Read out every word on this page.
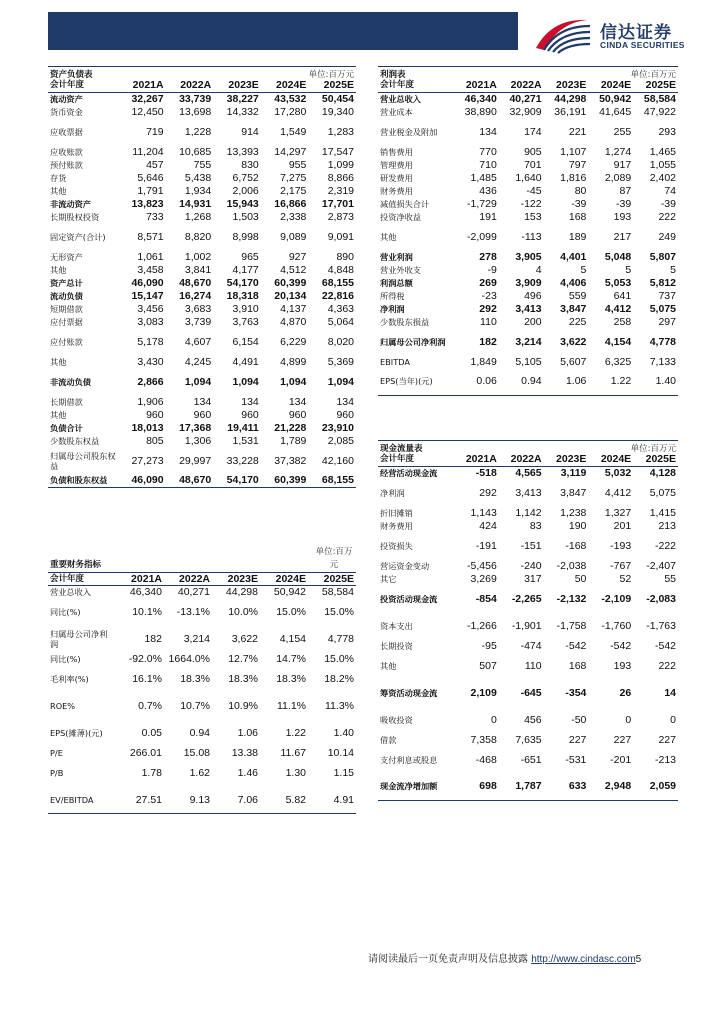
信达证券
CINDA SECURITIES
资产负债表	单位:百万元
会计年度	2021A	2022A	2023E	2024E	2025E
流动资产	32,267	33,739	38,227	43,532	50,454
货币资金	12,450	13,698	14,332	17,280	19,340
应收票据	719	1,228	914	1,549	1,283
应收账款	11,204	10,685	13,393	14,297	17,547
预付账款	457	755	830	955	1,099
存货	5,646	5,438	6,752	7,275	8,866
其他	1,791	1,934	2,006	2,175	2,319
非流动资产	13,823	14,931	15,943	16,866	17,701
长期股权投资	733	1,268	1,503	2,338	2,873
固定资产(合计)	8,571	8,820	8,998	9,089	9,091
无形资产	1,061	1,002	965	927	890
其他	3,458	3,841	4,177	4,512	4,848
资产总计	46,090	48,670	54,170	60,399	68,155
流动负债	15,147	16,274	18,318	20,134	22,816
短期借款	3,456	3,683	3,910	4,137	4,363
应付票据	3,083	3,739	3,763	4,870	5,064
应付账款	5,178	4,607	6,154	6,229	8,020
其他	3,430	4,245	4,491	4,899	5,369
非流动负债	2,866	1,094	1,094	1,094	1,094
长期借款	1,906	134	134	134	134
其他	960	960	960	960	960
负债合计	18,013	17,368	19,411	21,228	23,910
少数股东权益	805	1,306	1,531	1,789	2,085
归属母公司股东权益	27,273	29,997	33,228	37,382	42,160
负债和股东权益	46,090	48,670	54,170	60,399	68,155
重要财务指标
单位:百万元
会计年度	2021A	2022A	2023E	2024E	2025E
营业总收入	46,340	40,271	44,298	50,942	58,584
同比(%)	10.1%	-13.1%	10.0%	15.0%	15.0%
归属母公司净利润	182	3,214	3,622	4,154	4,778
同比(%)	-92.0%	1664.0%	12.7%	14.7%	15.0%
毛利率(%)	16.1%	18.3%	18.3%	18.3%	18.2%
ROE%	0.7%	10.7%	10.9%	11.1%	11.3%
EPS(摊薄)(元)	0.05	0.94	1.06	1.22	1.40
P/E	266.01	15.08	13.38	11.67	10.14
P/B	1.78	1.62	1.46	1.30	1.15
EV/EBITDA	27.51	9.13	7.06	5.82	4.91
利润表	单位:百万元
会计年度	2021A	2022A	2023E	2024E	2025E
营业总收入	46,340	40,271	44,298	50,942	58,584
营业成本	38,890	32,909	36,191	41,645	47,922
营业税金及附加	134	174	221	255	293
销售费用	770	905	1,107	1,274	1,465
管理费用	710	701	797	917	1,055
研发费用	1,485	1,640	1,816	2,089	2,402
财务费用	436	-45	80	87	74
减值损失合计	-1,729	-122	-39	-39	-39
投资净收益	191	153	168	193	222
其他	-2,099	-113	189	217	249
营业利润	278	3,905	4,401	5,048	5,807
营业外收支	-9	4	5	5	5
利润总额	269	3,909	4,406	5,053	5,812
所得税	-23	496	559	641	737
净利润	292	3,413	3,847	4,412	5,075
少数股东损益	110	200	225	258	297
归属母公司净利润	182	3,214	3,622	4,154	4,778
EBITDA	1,849	5,105	5,607	6,325	7,133
EPS(当年)(元)	0.06	0.94	1.06	1.22	1.40
现金流量表	单位:百万元
会计年度	2021A	2022A	2023E	2024E	2025E
经营活动现金流	-518	4,565	3,119	5,032	4,128
净利润	292	3,413	3,847	4,412	5,075
折旧摊销	1,143	1,142	1,238	1,327	1,415
财务费用	424	83	190	201	213
投资损失	-191	-151	-168	-193	-222
营运资金变动	-5,456	-240	-2,038	-767	-2,407
其它	3,269	317	50	52	55
投资活动现金流	-854	-2,265	-2,132	-2,109	-2,083
资本支出	-1,266	-1,901	-1,758	-1,760	-1,763
长期投资	-95	-474	-542	-542	-542
其他	507	110	168	193	222
筹资活动现金流	2,109	-645	-354	26	14
吸收投资	0	456	-50	0	0
借款	7,358	7,635	227	227	227
支付利息或股息	-468	-651	-531	-201	-213
现金流净增加额	698	1,787	633	2,948	2,059
请阅读最后一页免责声明及信息披露 http://www.cindasc.com5
